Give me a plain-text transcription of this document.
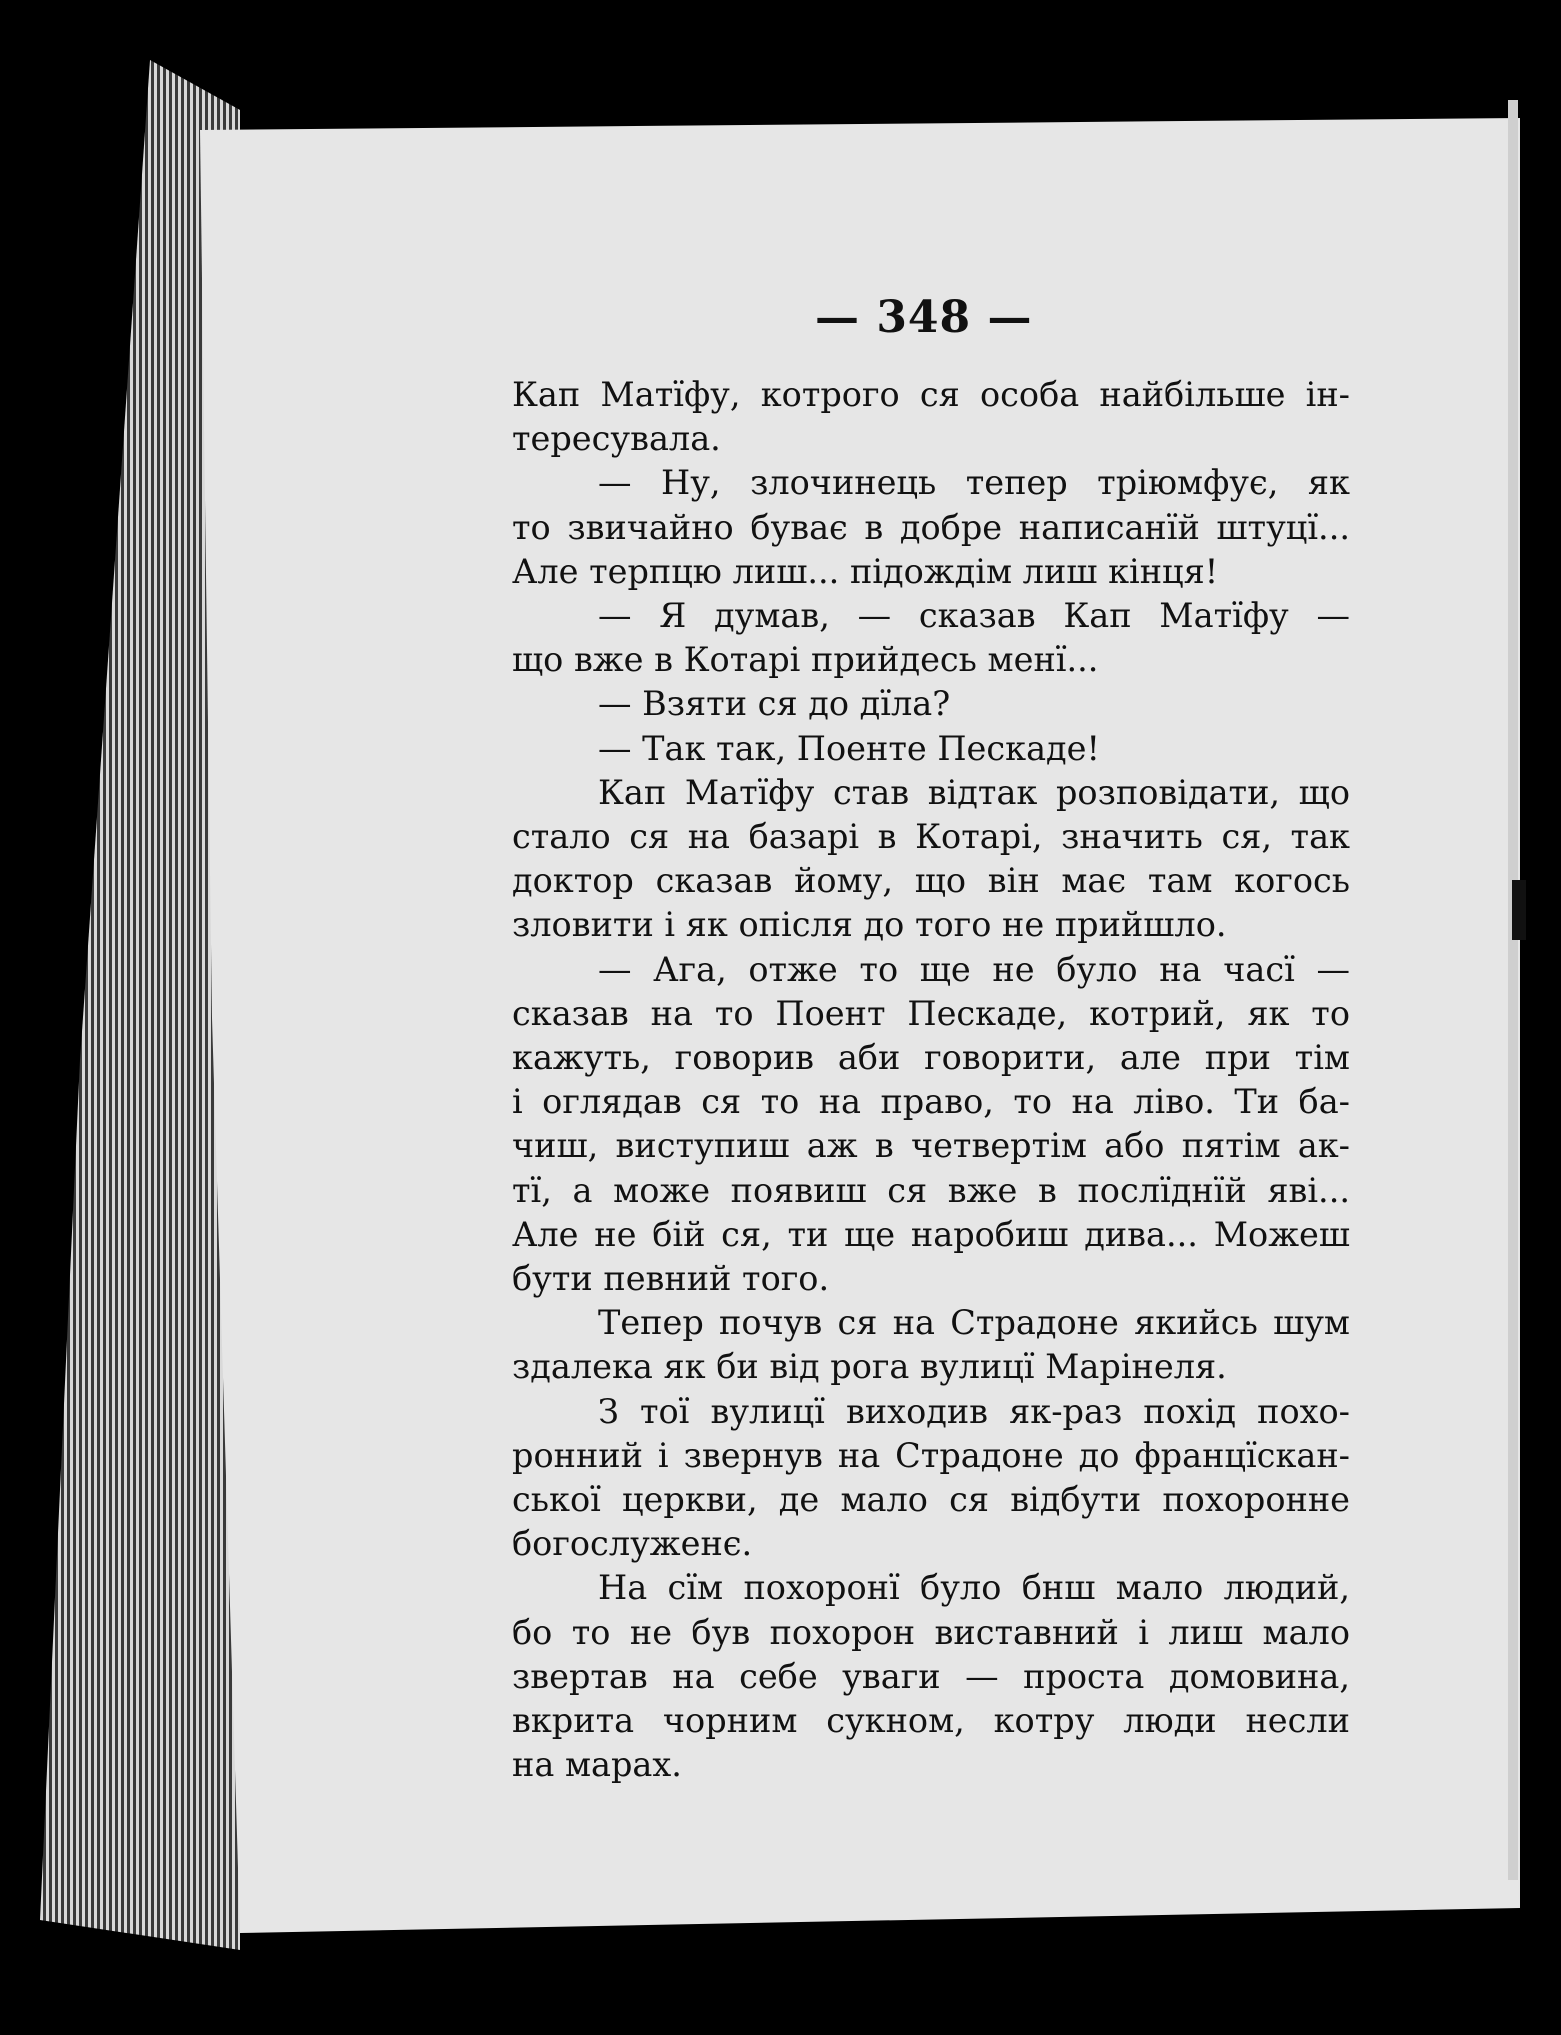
— 348 —
Кап Матїфу, котрого ся особа найбільше ін-
тересувала.
— Ну, злочинець тепер тріюмфує, як
то звичайно буває в добре написанїй штуцї...
Але терпцю лиш... підождім лиш кінця!
— Я думав, — сказав Кап Матїфу —
що вже в Котарі прийдесь менї...
— Взяти ся до дїла?
— Так так, Поенте Пескаде!
Кап Матїфу став відтак розповідати, що
стало ся на базарі в Котарі, значить ся, так
доктор сказав йому, що він має там когось
зловити і як опісля до того не прийшло.
— Ага, отже то ще не було на часї —
сказав на то Поент Пескаде, котрий, як то
кажуть, говорив аби говорити, але при тім
і оглядав ся то на право, то на ліво. Ти ба-
чиш, виступиш аж в четвертім або пятім ак-
тї, а може появиш ся вже в послїднїй яві...
Але не бій ся, ти ще наробиш дива... Можеш
бути певний того.
Тепер почув ся на Страдоне якийсь шум
здалека як би від рога вулицї Марінеля.
З тої вулицї виходив як-раз похід похо-
ронний і звернув на Страдоне до францїскан-
ської церкви, де мало ся відбути похоронне
богослуженє.
На сїм похоронї було бнш мало людий,
бо то не був похорон виставний і лиш мало
звертав на себе уваги — проста домовина,
вкрита чорним сукном, котру люди несли
на марах.
